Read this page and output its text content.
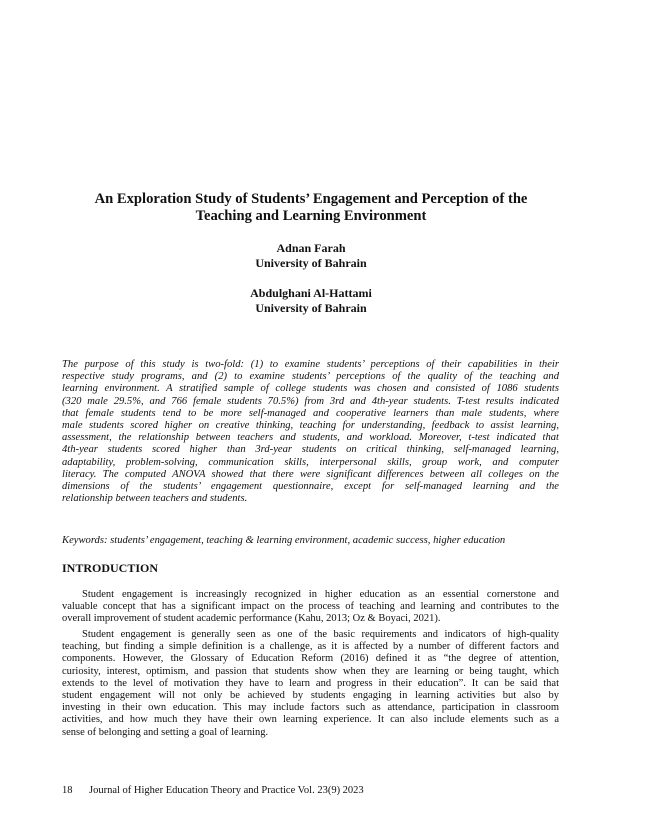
An Exploration Study of Students’ Engagement and Perception of the
Teaching and Learning Environment
Adnan Farah
University of Bahrain
Abdulghani Al-Hattami
University of Bahrain
The purpose of this study is two-fold: (1) to examine students’ perceptions of their capabilities in their
respective study programs, and (2) to examine students’ perceptions of the quality of the teaching and
learning environment. A stratified sample of college students was chosen and consisted of 1086 students
(320 male 29.5%, and 766 female students 70.5%) from 3rd and 4th-year students. T-test results indicated
that female students tend to be more self-managed and cooperative learners than male students, where
male students scored higher on creative thinking, teaching for understanding, feedback to assist learning,
assessment, the relationship between teachers and students, and workload. Moreover, t-test indicated that
4th-year students scored higher than 3rd-year students on critical thinking, self-managed learning,
adaptability, problem-solving, communication skills, interpersonal skills, group work, and computer
literacy. The computed ANOVA showed that there were significant differences between all colleges on the
dimensions of the students’ engagement questionnaire, except for self-managed learning and the
relationship between teachers and students.
Keywords: students’ engagement, teaching & learning environment, academic success, higher education
INTRODUCTION
Student engagement is increasingly recognized in higher education as an essential cornerstone and
valuable concept that has a significant impact on the process of teaching and learning and contributes to the
overall improvement of student academic performance (Kahu, 2013; Oz & Boyaci, 2021).
Student engagement is generally seen as one of the basic requirements and indicators of high-quality
teaching, but finding a simple definition is a challenge, as it is affected by a number of different factors and
components. However, the Glossary of Education Reform (2016) defined it as “the degree of attention,
curiosity, interest, optimism, and passion that students show when they are learning or being taught, which
extends to the level of motivation they have to learn and progress in their education”. It can be said that
student engagement will not only be achieved by students engaging in learning activities but also by
investing in their own education. This may include factors such as attendance, participation in classroom
activities, and how much they have their own learning experience. It can also include elements such as a
sense of belonging and setting a goal of learning.
18 Journal of Higher Education Theory and Practice Vol. 23(9) 2023
